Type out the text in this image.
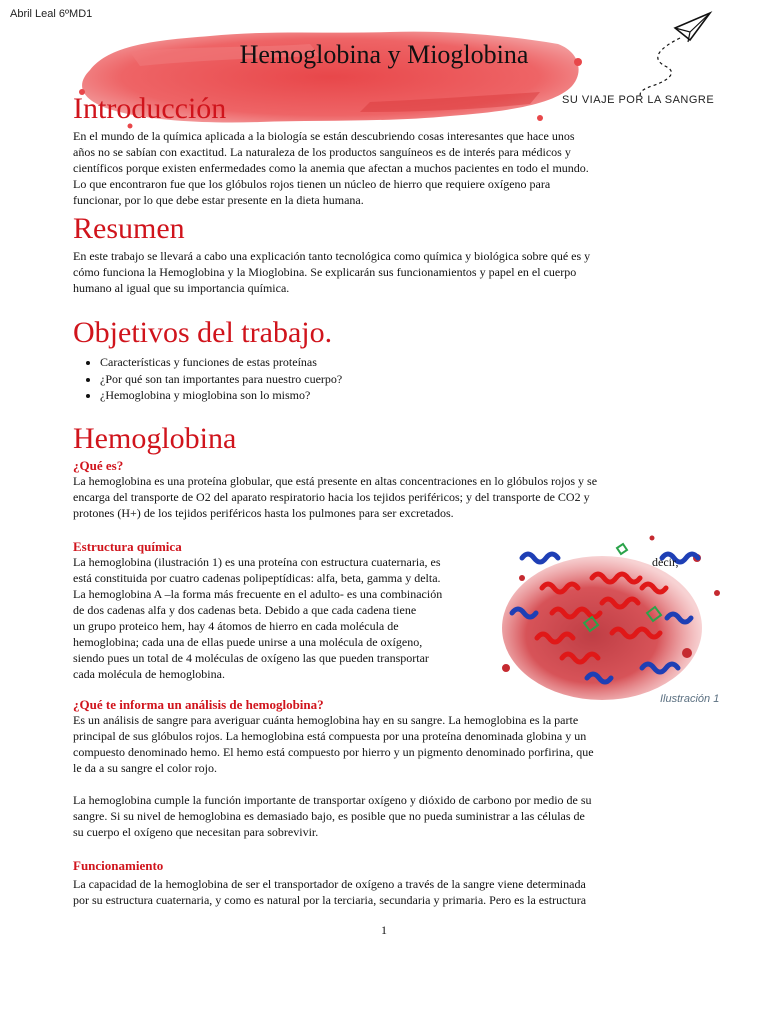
Abril Leal 6ºMD1
Hemoglobina y Mioglobina
SU VIAJE POR LA SANGRE
Introducción

En el mundo de la química aplicada a la biología se están descubriendo cosas interesantes que hace unos
años no se sabían con exactitud. La naturaleza de los productos sanguíneos es de interés para médicos y
científicos porque existen enfermedades como la anemia que afectan a muchos pacientes en todo el mundo.
Lo que encontraron fue que los glóbulos rojos tienen un núcleo de hierro que requiere oxígeno para
funcionar, por lo que debe estar presente en la dieta humana.

Resumen

En este trabajo se llevará a cabo una explicación tanto tecnológica como química y biológica sobre qué es y
cómo funciona la Hemoglobina y la Mioglobina. Se explicarán sus funcionamientos y papel en el cuerpo
humano al igual que su importancia química.

Objetivos del trabajo.
• Características y funciones de estas proteínas
• ¿Por qué son tan importantes para nuestro cuerpo?
• ¿Hemoglobina y mioglobina son lo mismo?
Hemoglobina
¿Qué es?

La hemoglobina es una proteína globular, que está presente en altas concentraciones en lo glóbulos rojos y se
encarga del transporte de O2 del aparato respiratorio hacia los tejidos periféricos; y del transporte de CO2 y
protones (H+) de los tejidos periféricos hasta los pulmones para ser excretados.

Estructura química

La hemoglobina (ilustración 1) es una proteína con estructura cuaternaria, es
está constituida por cuatro cadenas polipeptídicas: alfa, beta, gamma y delta.
La hemoglobina A –la forma más frecuente en el adulto- es una combinación
de dos cadenas alfa y dos cadenas beta. Debido a que cada cadena tiene
un grupo proteico hem, hay 4 átomos de hierro en cada molécula de
hemoglobina; cada una de ellas puede unirse a una molécula de oxígeno,
siendo pues un total de 4 moléculas de oxígeno las que pueden transportar
cada molécula de hemoglobina.

decir,

Ilustración 1
¿Qué te informa un análisis de hemoglobina?

Es un análisis de sangre para averiguar cuánta hemoglobina hay en su sangre. La hemoglobina es la parte
principal de sus glóbulos rojos. La hemoglobina está compuesta por una proteína denominada globina y un
compuesto denominado hemo. El hemo está compuesto por hierro y un pigmento denominado porfirina, que
le da a su sangre el color rojo.

La hemoglobina cumple la función importante de transportar oxígeno y dióxido de carbono por medio de su
sangre. Si su nivel de hemoglobina es demasiado bajo, es posible que no pueda suministrar a las células de
su cuerpo el oxígeno que necesitan para sobrevivir.

Funcionamiento

La capacidad de la hemoglobina de ser el transportador de oxígeno a través de la sangre viene determinada
por su estructura cuaternaria, y como es natural por la terciaria, secundaria y primaria. Pero es la estructura

1
